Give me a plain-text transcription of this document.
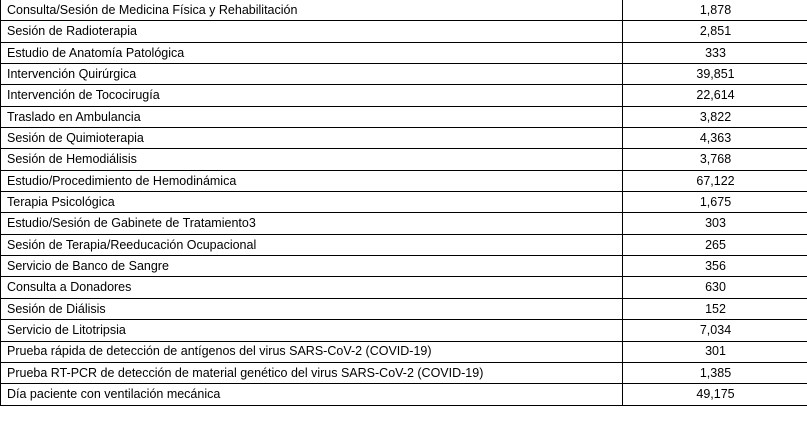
Consulta/Sesión de Medicina Física y Rehabilitación	1,878
Sesión de Radioterapia	2,851
Estudio de Anatomía Patológica	333
Intervención Quirúrgica	39,851
Intervención de Tococirugía	22,614
Traslado en Ambulancia	3,822
Sesión de Quimioterapia	4,363
Sesión de Hemodiálisis	3,768
Estudio/Procedimiento de Hemodinámica	67,122
Terapia Psicológica	1,675
Estudio/Sesión de Gabinete de Tratamiento3	303
Sesión de Terapia/Reeducación Ocupacional	265
Servicio de Banco de Sangre	356
Consulta a Donadores	630
Sesión de Diálisis	152
Servicio de Litotripsia	7,034
Prueba rápida de detección de antígenos del virus SARS-CoV-2 (COVID-19)	301
Prueba RT-PCR de detección de material genético del virus SARS-CoV-2 (COVID-19)	1,385
Día paciente con ventilación mecánica	49,175
